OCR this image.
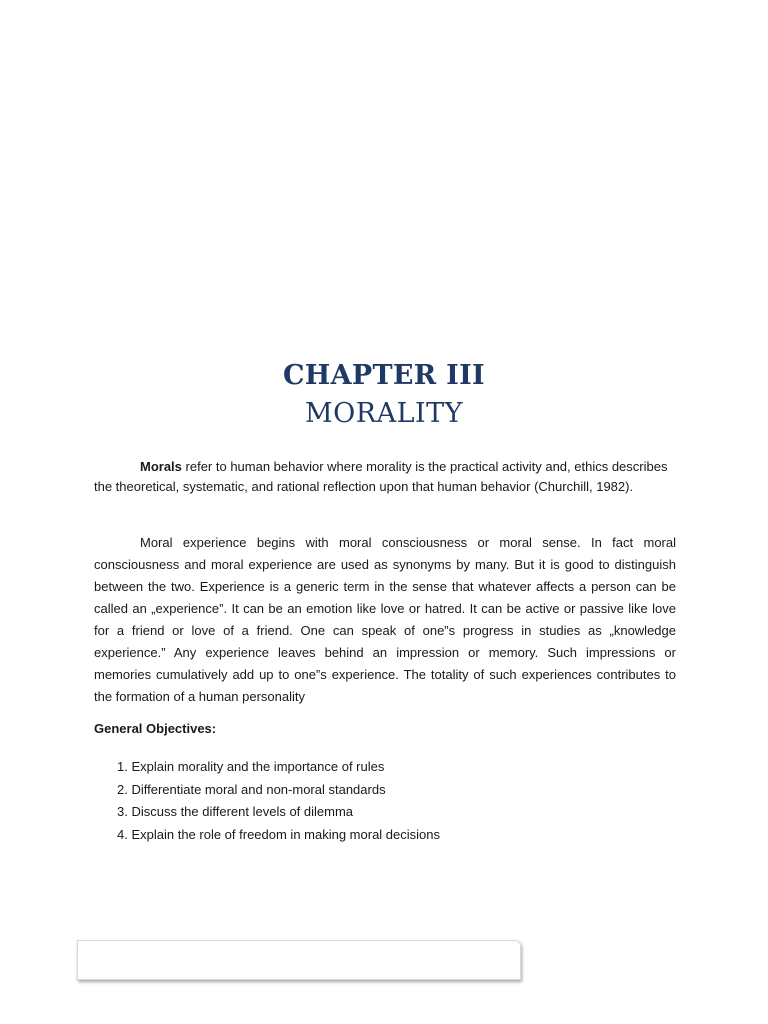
CHAPTER III
MORALITY
Morals refer to human behavior where morality is the practical activity and, ethics describes the theoretical, systematic, and rational reflection upon that human behavior (Churchill, 1982).
Moral experience begins with moral consciousness or moral sense. In fact moral consciousness and moral experience are used as synonyms by many. But it is good to distinguish between the two. Experience is a generic term in the sense that whatever affects a person can be called an „experience”. It can be an emotion like love or hatred. It can be active or passive like love for a friend or love of a friend. One can speak of one”s progress in studies as „knowledge experience.” Any experience leaves behind an impression or memory. Such impressions or memories cumulatively add up to one”s experience. The totality of such experiences contributes to the formation of a human personality
General Objectives:
1. Explain morality and the importance of rules
2. Differentiate moral and non-moral standards
3. Discuss the different levels of dilemma
4. Explain the role of freedom in making moral decisions
